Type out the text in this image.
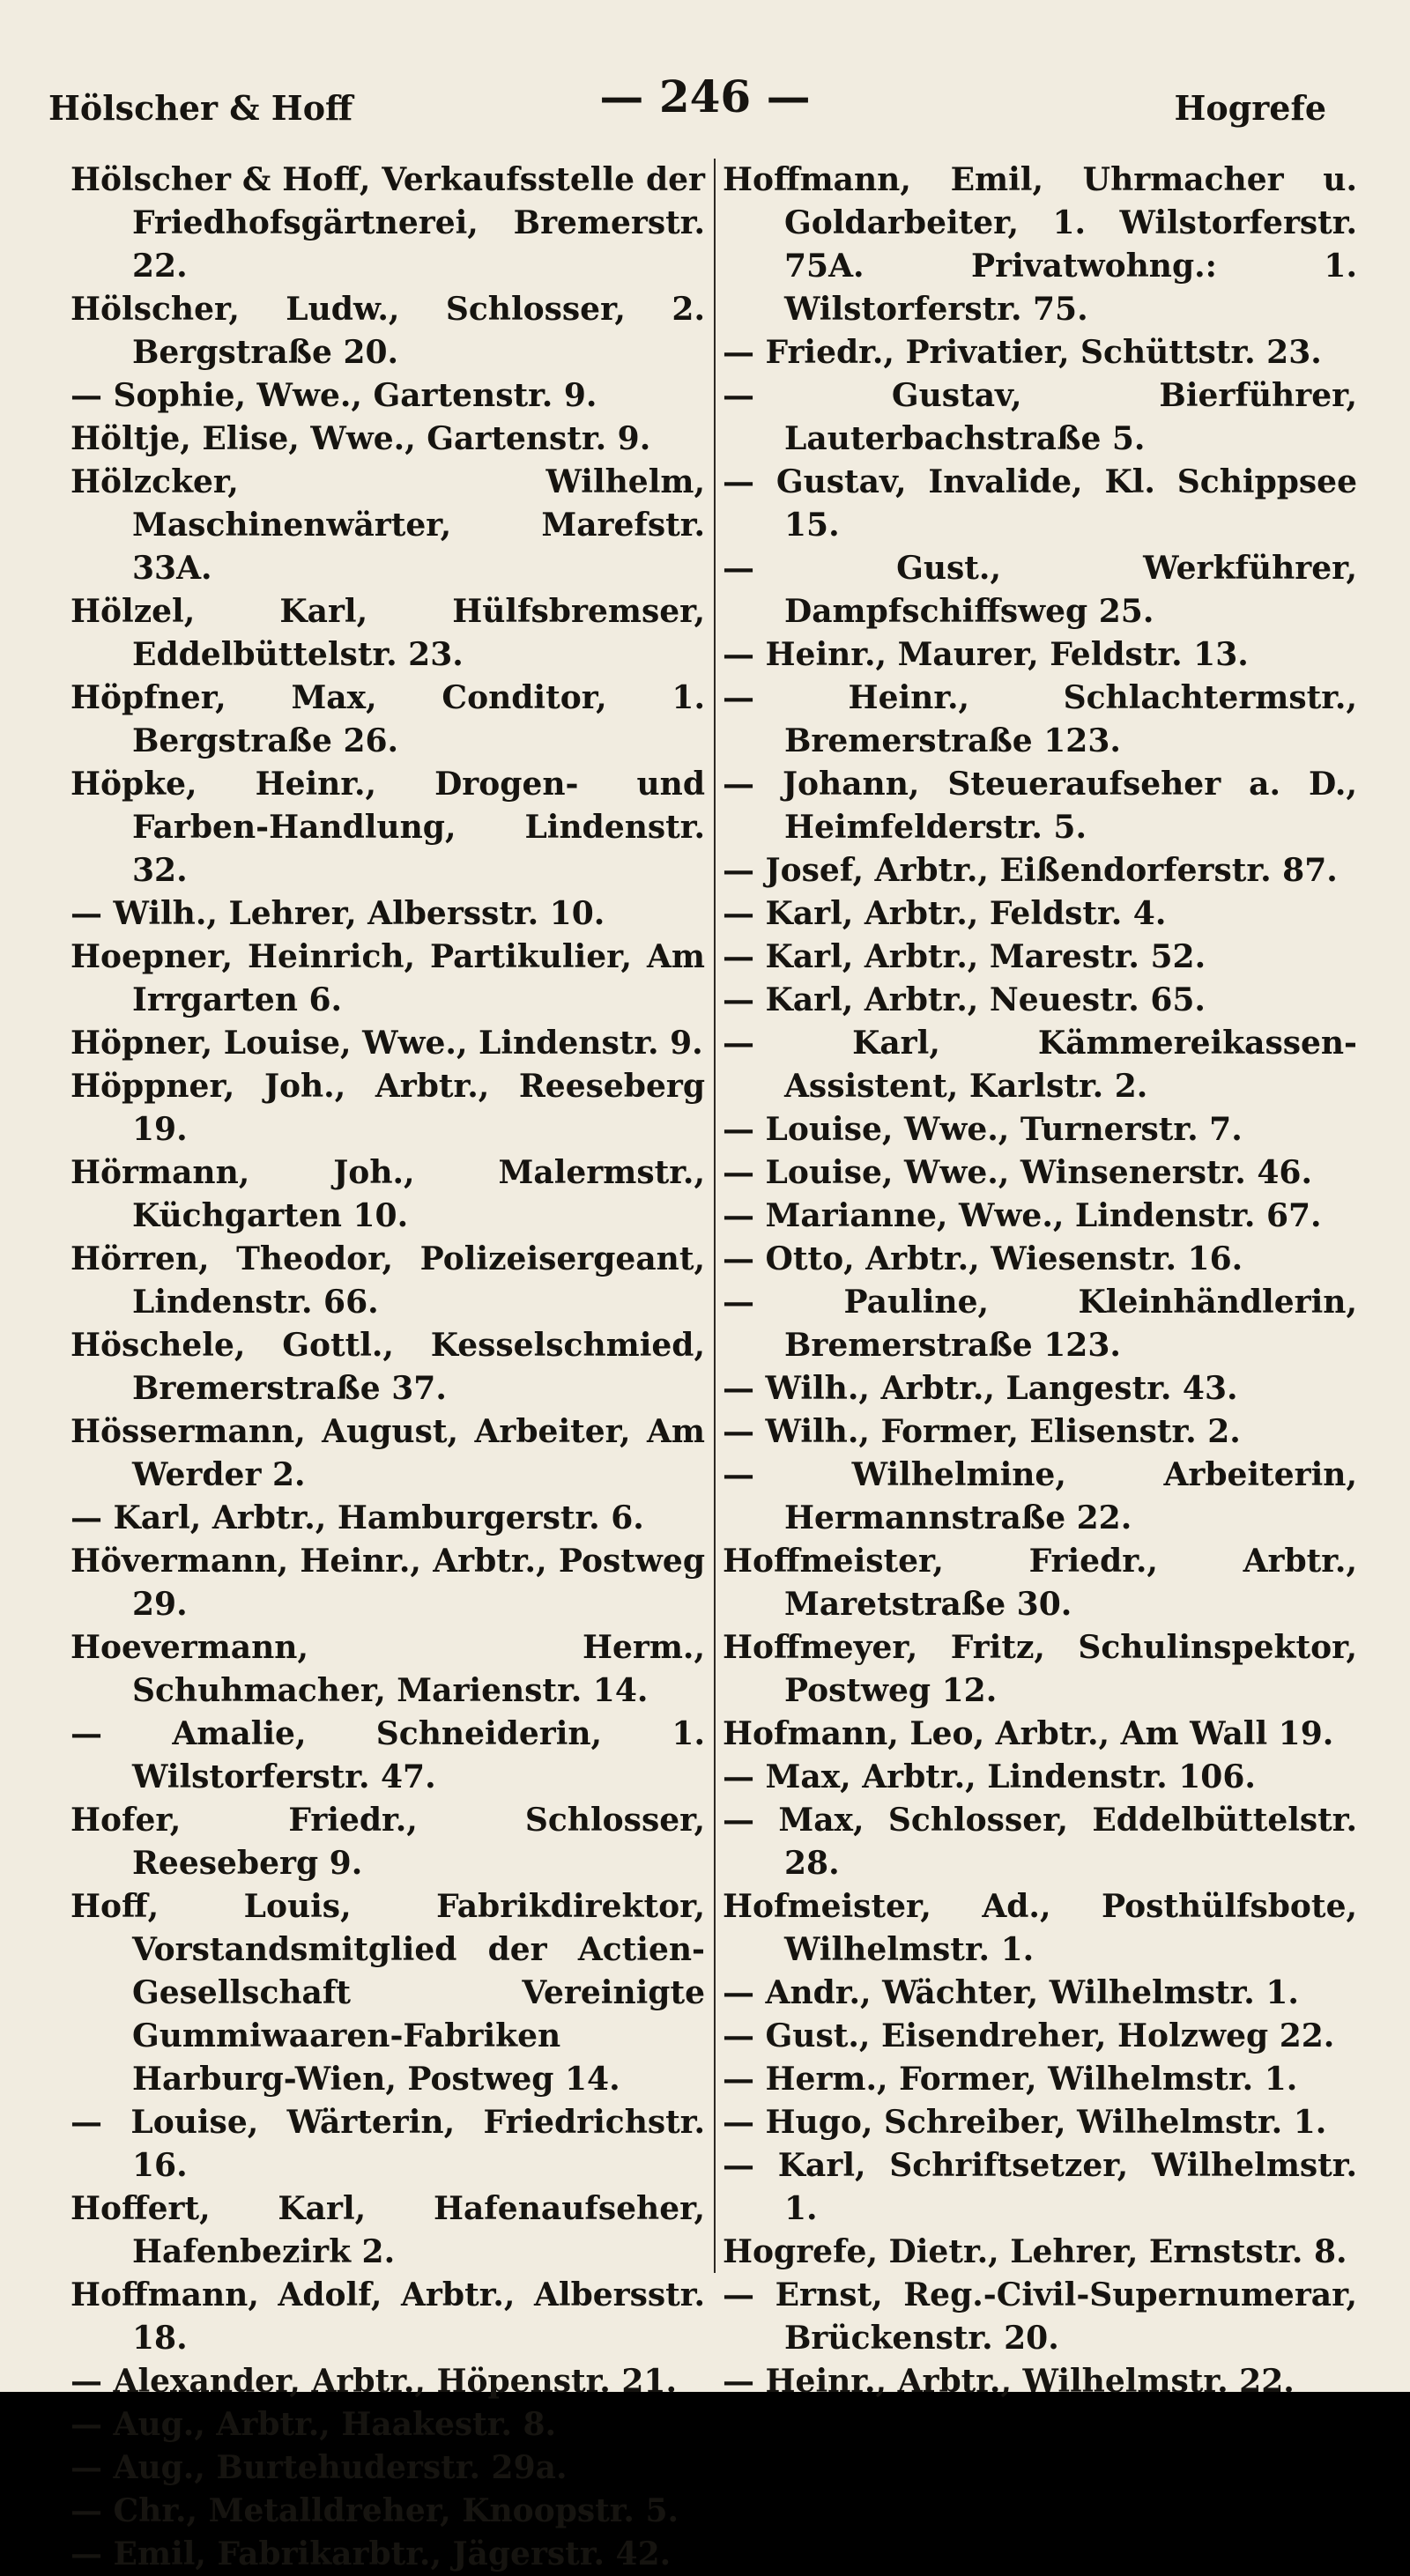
Hölscher & Hoff	— 246 —	Hogrefe
Hölscher & Hoff, Verkaufsstelle der Friedhofsgärtnerei, Bremerstr. 22.
Hölscher, Ludw., Schlosser, 2. Bergstraße 20.
— Sophie, Wwe., Gartenstr. 9.
Höltje, Elise, Wwe., Gartenstr. 9.
Hölzcker, Wilhelm, Maschinenwärter, Marefstr. 33A.
Hölzel, Karl, Hülfsbremser, Eddelbüttelstr. 23.
Höpfner, Max, Conditor, 1. Bergstraße 26.
Höpke, Heinr., Drogen- und Farben-Handlung, Lindenstr. 32.
— Wilh., Lehrer, Albersstr. 10.
Hoepner, Heinrich, Partikulier, Am Irrgarten 6.
Höpner, Louise, Wwe., Lindenstr. 9.
Höppner, Joh., Arbtr., Reeseberg 19.
Hörmann, Joh., Malermstr., Küchgarten 10.
Hörren, Theodor, Polizeisergeant, Lindenstr. 66.
Höschele, Gottl., Kesselschmied, Bremerstraße 37.
Hössermann, August, Arbeiter, Am Werder 2.
— Karl, Arbtr., Hamburgerstr. 6.
Hövermann, Heinr., Arbtr., Postweg 29.
Hoevermann, Herm., Schuhmacher, Marienstr. 14.
— Amalie, Schneiderin, 1. Wilstorferstr. 47.
Hofer, Friedr., Schlosser, Reeseberg 9.
Hoff, Louis, Fabrikdirektor, Vorstandsmitglied der Actien-Gesellschaft Vereinigte Gummiwaaren-Fabriken Harburg-Wien, Postweg 14.
— Louise, Wärterin, Friedrichstr. 16.
Hoffert, Karl, Hafenaufseher, Hafenbezirk 2.
Hoffmann, Adolf, Arbtr., Albersstr. 18.
— Alexander, Arbtr., Höpenstr. 21.
— Aug., Arbtr., Haakestr. 8.
— Aug., Burtehuderstr. 29a.
— Chr., Metalldreher, Knoopstr. 5.
— Emil, Fabrikarbtr., Jägerstr. 42.
Hoffmann, Emil, Uhrmacher u. Goldarbeiter, 1. Wilstorferstr. 75A. Privatwohng.: 1. Wilstorferstr. 75.
— Friedr., Privatier, Schüttstr. 23.
— Gustav, Bierführer, Lauterbachstraße 5.
— Gustav, Invalide, Kl. Schippsee 15.
— Gust., Werkführer, Dampfschiffsweg 25.
— Heinr., Maurer, Feldstr. 13.
— Heinr., Schlachtermstr., Bremerstraße 123.
— Johann, Steueraufseher a. D., Heimfelderstr. 5.
— Josef, Arbtr., Eißendorferstr. 87.
— Karl, Arbtr., Feldstr. 4.
— Karl, Arbtr., Marestr. 52.
— Karl, Arbtr., Neuestr. 65.
— Karl, Kämmereikassen-Assistent, Karlstr. 2.
— Louise, Wwe., Turnerstr. 7.
— Louise, Wwe., Winsenerstr. 46.
— Marianne, Wwe., Lindenstr. 67.
— Otto, Arbtr., Wiesenstr. 16.
— Pauline, Kleinhändlerin, Bremerstraße 123.
— Wilh., Arbtr., Langestr. 43.
— Wilh., Former, Elisenstr. 2.
— Wilhelmine, Arbeiterin, Hermannstraße 22.
Hoffmeister, Friedr., Arbtr., Maretstraße 30.
Hoffmeyer, Fritz, Schulinspektor, Postweg 12.
Hofmann, Leo, Arbtr., Am Wall 19.
— Max, Arbtr., Lindenstr. 106.
— Max, Schlosser, Eddelbüttelstr. 28.
Hofmeister, Ad., Posthülfsbote, Wilhelmstr. 1.
— Andr., Wächter, Wilhelmstr. 1.
— Gust., Eisendreher, Holzweg 22.
— Herm., Former, Wilhelmstr. 1.
— Hugo, Schreiber, Wilhelmstr. 1.
— Karl, Schriftsetzer, Wilhelmstr. 1.
Hogrefe, Dietr., Lehrer, Ernststr. 8.
— Ernst, Reg.-Civil-Supernumerar, Brückenstr. 20.
— Heinr., Arbtr., Wilhelmstr. 22.
